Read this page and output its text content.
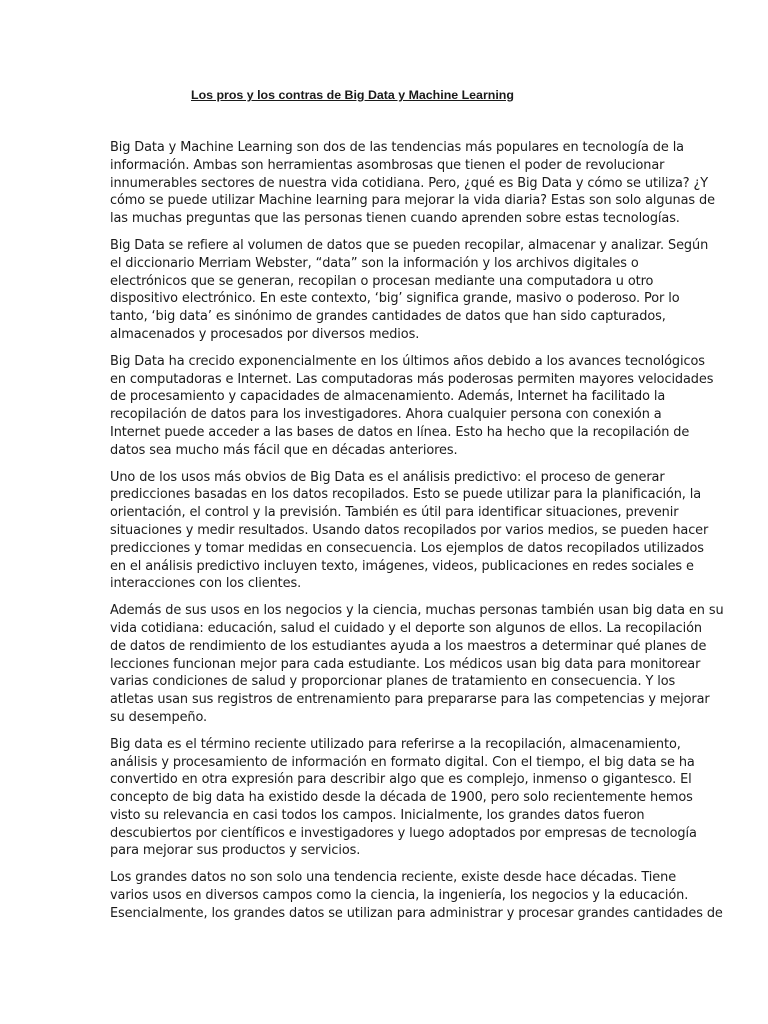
Los pros y los contras de Big Data y Machine Learning

Big Data y Machine Learning son dos de las tendencias más populares en tecnología de la
información. Ambas son herramientas asombrosas que tienen el poder de revolucionar
innumerables sectores de nuestra vida cotidiana. Pero, ¿qué es Big Data y cómo se utiliza? ¿Y
cómo se puede utilizar Machine learning para mejorar la vida diaria? Estas son solo algunas de
las muchas preguntas que las personas tienen cuando aprenden sobre estas tecnologías.

Big Data se refiere al volumen de datos que se pueden recopilar, almacenar y analizar. Según
el diccionario Merriam Webster, “data” son la información y los archivos digitales o
electrónicos que se generan, recopilan o procesan mediante una computadora u otro
dispositivo electrónico. En este contexto, ‘big’ significa grande, masivo o poderoso. Por lo
tanto, ‘big data’ es sinónimo de grandes cantidades de datos que han sido capturados,
almacenados y procesados por diversos medios.

Big Data ha crecido exponencialmente en los últimos años debido a los avances tecnológicos
en computadoras e Internet. Las computadoras más poderosas permiten mayores velocidades
de procesamiento y capacidades de almacenamiento. Además, Internet ha facilitado la
recopilación de datos para los investigadores. Ahora cualquier persona con conexión a
Internet puede acceder a las bases de datos en línea. Esto ha hecho que la recopilación de
datos sea mucho más fácil que en décadas anteriores.

Uno de los usos más obvios de Big Data es el análisis predictivo: el proceso de generar
predicciones basadas en los datos recopilados. Esto se puede utilizar para la planificación, la
orientación, el control y la previsión. También es útil para identificar situaciones, prevenir
situaciones y medir resultados. Usando datos recopilados por varios medios, se pueden hacer
predicciones y tomar medidas en consecuencia. Los ejemplos de datos recopilados utilizados
en el análisis predictivo incluyen texto, imágenes, videos, publicaciones en redes sociales e
interacciones con los clientes.

Además de sus usos en los negocios y la ciencia, muchas personas también usan big data en su
vida cotidiana: educación, salud el cuidado y el deporte son algunos de ellos. La recopilación
de datos de rendimiento de los estudiantes ayuda a los maestros a determinar qué planes de
lecciones funcionan mejor para cada estudiante. Los médicos usan big data para monitorear
varias condiciones de salud y proporcionar planes de tratamiento en consecuencia. Y los
atletas usan sus registros de entrenamiento para prepararse para las competencias y mejorar
su desempeño.

Big data es el término reciente utilizado para referirse a la recopilación, almacenamiento,
análisis y procesamiento de información en formato digital. Con el tiempo, el big data se ha
convertido en otra expresión para describir algo que es complejo, inmenso o gigantesco. El
concepto de big data ha existido desde la década de 1900, pero solo recientemente hemos
visto su relevancia en casi todos los campos. Inicialmente, los grandes datos fueron
descubiertos por científicos e investigadores y luego adoptados por empresas de tecnología
para mejorar sus productos y servicios.

Los grandes datos no son solo una tendencia reciente, existe desde hace décadas. Tiene
varios usos en diversos campos como la ciencia, la ingeniería, los negocios y la educación.
Esencialmente, los grandes datos se utilizan para administrar y procesar grandes cantidades de
